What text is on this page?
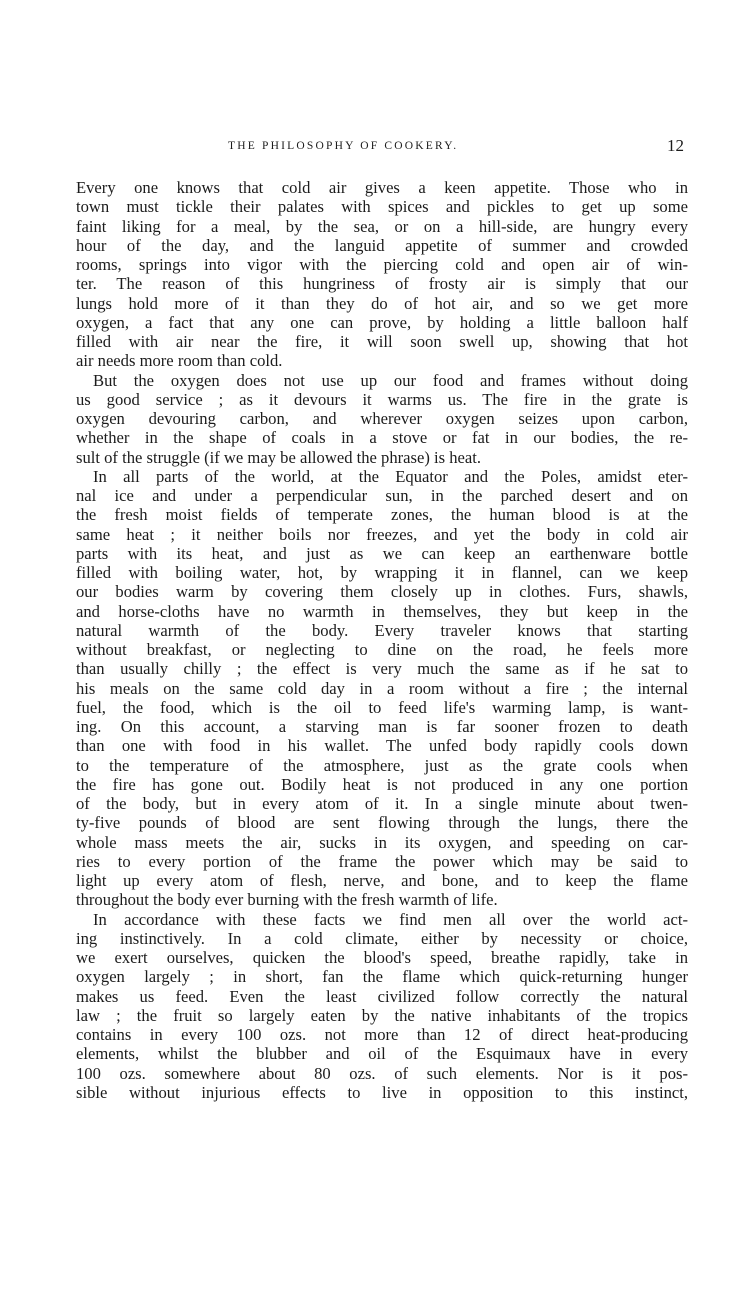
THE PHILOSOPHY OF COOKERY.	12
Every one knows that cold air gives a keen appetite. Those who in
town must tickle their palates with spices and pickles to get up some
faint liking for a meal, by the sea, or on a hill-side, are hungry every
hour of the day, and the languid appetite of summer and crowded
rooms, springs into vigor with the piercing cold and open air of win-
ter. The reason of this hungriness of frosty air is simply that our
lungs hold more of it than they do of hot air, and so we get more
oxygen, a fact that any one can prove, by holding a little balloon half
filled with air near the fire, it will soon swell up, showing that hot
air needs more room than cold.
But the oxygen does not use up our food and frames without doing
us good service ; as it devours it warms us. The fire in the grate is
oxygen devouring carbon, and wherever oxygen seizes upon carbon,
whether in the shape of coals in a stove or fat in our bodies, the re-
sult of the struggle (if we may be allowed the phrase) is heat.
In all parts of the world, at the Equator and the Poles, amidst eter-
nal ice and under a perpendicular sun, in the parched desert and on
the fresh moist fields of temperate zones, the human blood is at the
same heat ; it neither boils nor freezes, and yet the body in cold air
parts with its heat, and just as we can keep an earthenware bottle
filled with boiling water, hot, by wrapping it in flannel, can we keep
our bodies warm by covering them closely up in clothes. Furs, shawls,
and horse-cloths have no warmth in themselves, they but keep in the
natural warmth of the body. Every traveler knows that starting
without breakfast, or neglecting to dine on the road, he feels more
than usually chilly ; the effect is very much the same as if he sat to
his meals on the same cold day in a room without a fire ; the internal
fuel, the food, which is the oil to feed life's warming lamp, is want-
ing. On this account, a starving man is far sooner frozen to death
than one with food in his wallet. The unfed body rapidly cools down
to the temperature of the atmosphere, just as the grate cools when
the fire has gone out. Bodily heat is not produced in any one portion
of the body, but in every atom of it. In a single minute about twen-
ty-five pounds of blood are sent flowing through the lungs, there the
whole mass meets the air, sucks in its oxygen, and speeding on car-
ries to every portion of the frame the power which may be said to
light up every atom of flesh, nerve, and bone, and to keep the flame
throughout the body ever burning with the fresh warmth of life.
In accordance with these facts we find men all over the world act-
ing instinctively. In a cold climate, either by necessity or choice,
we exert ourselves, quicken the blood's speed, breathe rapidly, take in
oxygen largely ; in short, fan the flame which quick-returning hunger
makes us feed. Even the least civilized follow correctly the natural
law ; the fruit so largely eaten by the native inhabitants of the tropics
contains in every 100 ozs. not more than 12 of direct heat-producing
elements, whilst the blubber and oil of the Esquimaux have in every
100 ozs. somewhere about 80 ozs. of such elements. Nor is it pos-
sible without injurious effects to live in opposition to this instinct,
